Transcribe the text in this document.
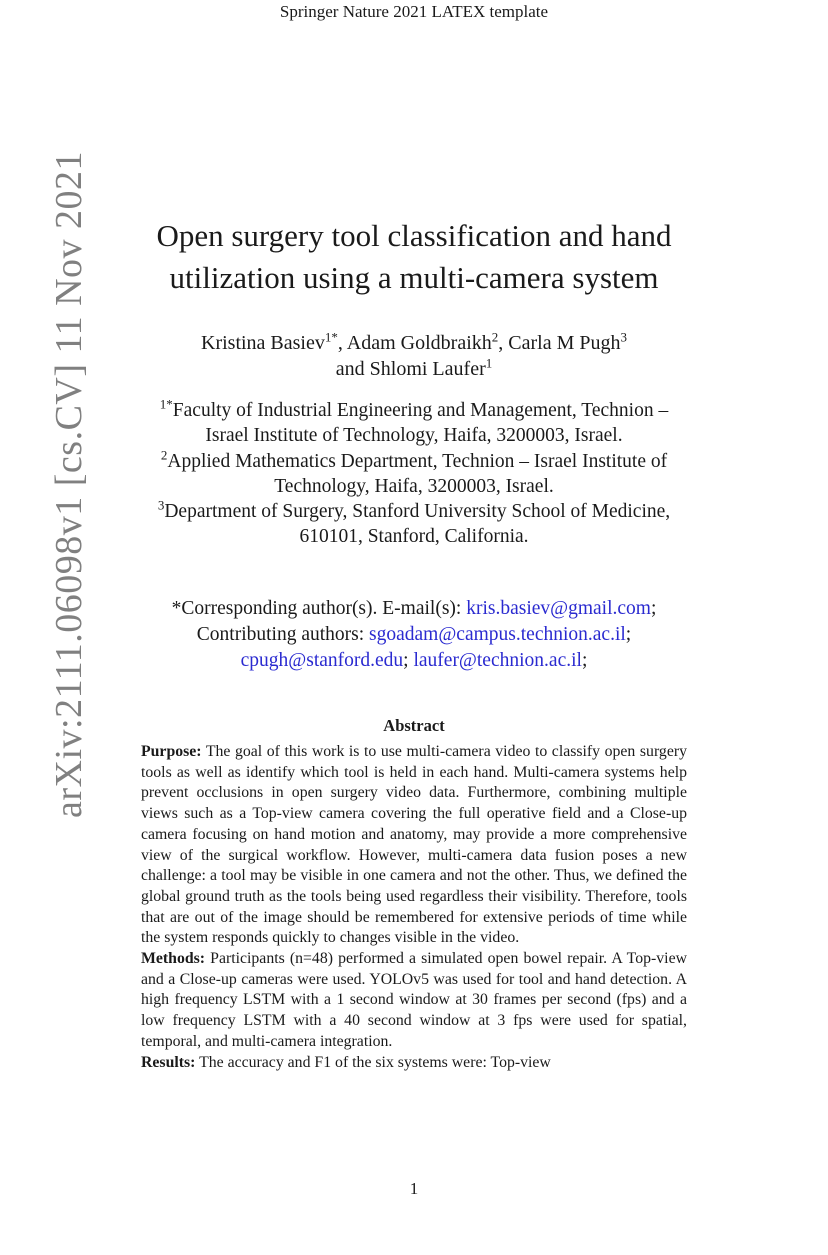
Springer Nature 2021 LATEX template
arXiv:2111.06098v1 [cs.CV] 11 Nov 2021	Open surgery tool classification and hand
utilization using a multi-camera system
Kristina Basiev$^{1*}$, Adam Goldbraikh$^2$, Carla M Pugh$^3$
and Shlomi Laufer$^1$
$^{1*}$Faculty of Industrial Engineering and Management, Technion –
Israel Institute of Technology, Haifa, 3200003, Israel.
$^2$Applied Mathematics Department, Technion – Israel Institute of
Technology, Haifa, 3200003, Israel.
$^3$Department of Surgery, Stanford University School of Medicine,
610101, Stanford, California.
*Corresponding author(s). E-mail(s): kris.basiev@gmail.com;
Contributing authors: sgoadam@campus.technion.ac.il;
cpugh@stanford.edu; laufer@technion.ac.il;
Abstract

Purpose: The goal of this work is to use multi-camera video to classify open surgery tools as well as identify which tool is held in each hand. Multi-camera systems help prevent occlusions in open surgery video data. Furthermore, combining multiple views such as a Top-view camera covering the full operative field and a Close-up camera focusing on hand motion and anatomy, may provide a more comprehensive view of the surgical workflow. However, multi-camera data fusion poses a new challenge: a tool may be visible in one camera and not the other. Thus, we defined the global ground truth as the tools being used regardless their visibility. Therefore, tools that are out of the image should be remembered for extensive periods of time while the system responds quickly to changes visible in the video.

Methods: Participants (n=48) performed a simulated open bowel repair. A Top-view and a Close-up cameras were used. YOLOv5 was used for tool and hand detection. A high frequency LSTM with a 1 second window at 30 frames per second (fps) and a low frequency LSTM with a 40 second window at 3 fps were used for spatial, temporal, and multi-camera integration.

Results: The accuracy and F1 of the six systems were: Top-view

1
